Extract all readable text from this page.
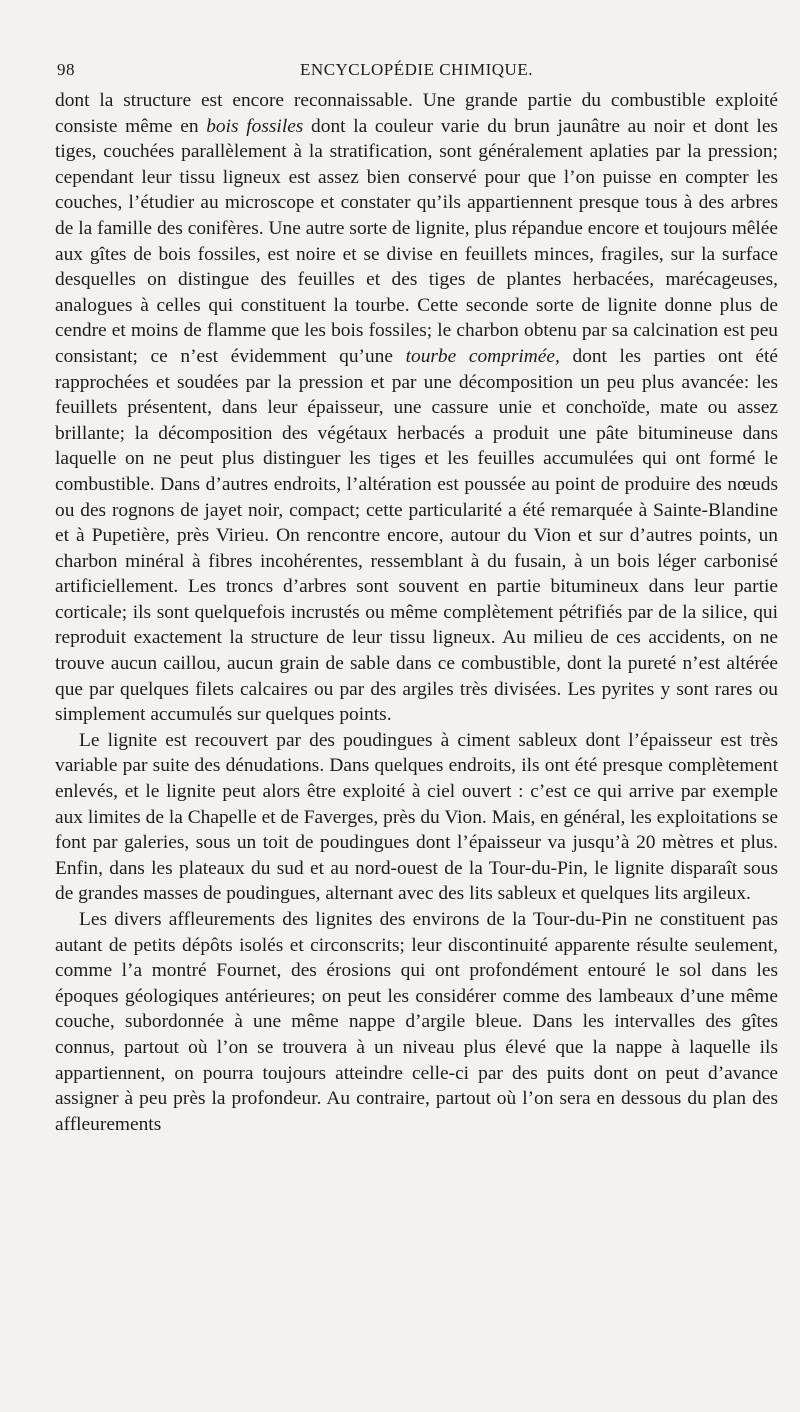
98	ENCYCLOPÉDIE CHIMIQUE.

dont la structure est encore reconnaissable. Une grande partie du combustible exploité consiste même en bois fossiles dont la couleur varie du brun jaunâtre au noir et dont les tiges, couchées parallèlement à la stratification, sont généralement aplaties par la pression; cependant leur tissu ligneux est assez bien conservé pour que l’on puisse en compter les couches, l’étudier au microscope et constater qu’ils appartiennent presque tous à des arbres de la famille des conifères. Une autre sorte de lignite, plus répandue encore et toujours mêlée aux gîtes de bois fossiles, est noire et se divise en feuillets minces, fragiles, sur la surface desquelles on distingue des feuilles et des tiges de plantes herbacées, marécageuses, analogues à celles qui constituent la tourbe. Cette seconde sorte de lignite donne plus de cendre et moins de flamme que les bois fossiles; le charbon obtenu par sa calcination est peu consistant; ce n’est évidemment qu’une tourbe comprimée, dont les parties ont été rapprochées et soudées par la pression et par une décomposition un peu plus avancée: les feuillets présentent, dans leur épaisseur, une cassure unie et conchoïde, mate ou assez brillante; la décomposition des végétaux herbacés a produit une pâte bitumineuse dans laquelle on ne peut plus distinguer les tiges et les feuilles accumulées qui ont formé le combustible. Dans d’autres endroits, l’altération est poussée au point de produire des nœuds ou des rognons de jayet noir, compact; cette particularité a été remarquée à Sainte-Blandine et à Pupetière, près Virieu. On rencontre encore, autour du Vion et sur d’autres points, un charbon minéral à fibres incohérentes, ressemblant à du fusain, à un bois léger carbonisé artificiellement. Les troncs d’arbres sont souvent en partie bitumineux dans leur partie corticale; ils sont quelquefois incrustés ou même complètement pétrifiés par de la silice, qui reproduit exactement la structure de leur tissu ligneux. Au milieu de ces accidents, on ne trouve aucun caillou, aucun grain de sable dans ce combustible, dont la pureté n’est altérée que par quelques filets calcaires ou par des argiles très divisées. Les pyrites y sont rares ou simplement accumulés sur quelques points.

Le lignite est recouvert par des poudingues à ciment sableux dont l’épaisseur est très variable par suite des dénudations. Dans quelques endroits, ils ont été presque complètement enlevés, et le lignite peut alors être exploité à ciel ouvert : c’est ce qui arrive par exemple aux limites de la Chapelle et de Faverges, près du Vion. Mais, en général, les exploitations se font par galeries, sous un toit de poudingues dont l’épaisseur va jusqu’à 20 mètres et plus. Enfin, dans les plateaux du sud et au nord-ouest de la Tour-du-Pin, le lignite disparaît sous de grandes masses de poudingues, alternant avec des lits sableux et quelques lits argileux.

Les divers affleurements des lignites des environs de la Tour-du-Pin ne constituent pas autant de petits dépôts isolés et circonscrits; leur discontinuité apparente résulte seulement, comme l’a montré Fournet, des érosions qui ont profondément entouré le sol dans les époques géologiques antérieures; on peut les considérer comme des lambeaux d’une même couche, subordonnée à une même nappe d’argile bleue. Dans les intervalles des gîtes connus, partout où l’on se trouvera à un niveau plus élevé que la nappe à laquelle ils appartiennent, on pourra toujours atteindre celle-ci par des puits dont on peut d’avance assigner à peu près la profondeur. Au contraire, partout où l’on sera en dessous du plan des affleurements
